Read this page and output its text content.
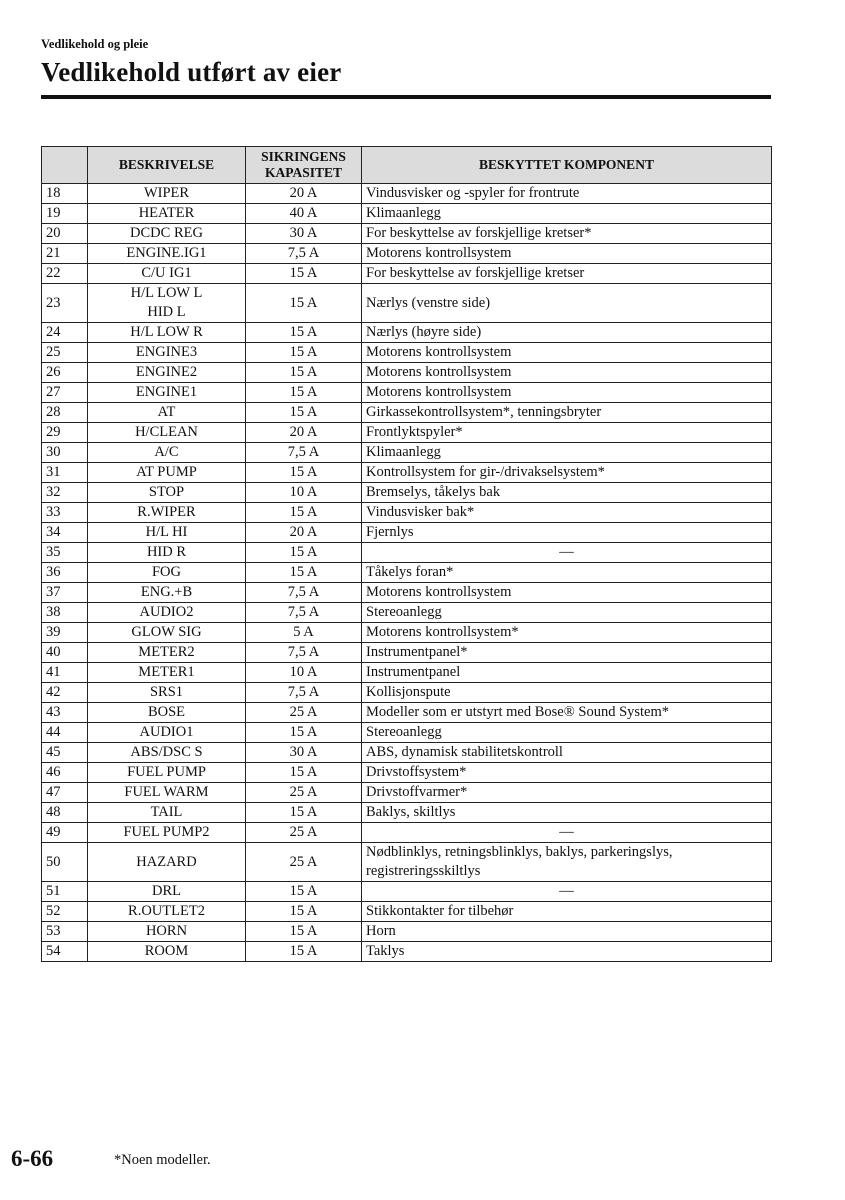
Vedlikehold og pleie
Vedlikehold utført av eier
	BESKRIVELSE	SIKRINGENS KAPASITET	BESKYTTET KOMPONENT
18	WIPER	20 A	Vindusvisker og -spyler for frontrute
19	HEATER	40 A	Klimaanlegg
20	DCDC REG	30 A	For beskyttelse av forskjellige kretser*
21	ENGINE.IG1	7,5 A	Motorens kontrollsystem
22	C/U IG1	15 A	For beskyttelse av forskjellige kretser
23	H/L LOW L
HID L	15 A	Nærlys (venstre side)
24	H/L LOW R	15 A	Nærlys (høyre side)
25	ENGINE3	15 A	Motorens kontrollsystem
26	ENGINE2	15 A	Motorens kontrollsystem
27	ENGINE1	15 A	Motorens kontrollsystem
28	AT	15 A	Girkassekontrollsystem*, tenningsbryter
29	H/CLEAN	20 A	Frontlyktspyler*
30	A/C	7,5 A	Klimaanlegg
31	AT PUMP	15 A	Kontrollsystem for gir-/drivakselsystem*
32	STOP	10 A	Bremselys, tåkelys bak
33	R.WIPER	15 A	Vindusvisker bak*
34	H/L HI	20 A	Fjernlys
35	HID R	15 A	—
36	FOG	15 A	Tåkelys foran*
37	ENG.+B	7,5 A	Motorens kontrollsystem
38	AUDIO2	7,5 A	Stereoanlegg
39	GLOW SIG	5 A	Motorens kontrollsystem*
40	METER2	7,5 A	Instrumentpanel*
41	METER1	10 A	Instrumentpanel
42	SRS1	7,5 A	Kollisjonspute
43	BOSE	25 A	Modeller som er utstyrt med Bose® Sound System*
44	AUDIO1	15 A	Stereoanlegg
45	ABS/DSC S	30 A	ABS, dynamisk stabilitetskontroll
46	FUEL PUMP	15 A	Drivstoffsystem*
47	FUEL WARM	25 A	Drivstoffvarmer*
48	TAIL	15 A	Baklys, skiltlys
49	FUEL PUMP2	25 A	—
50	HAZARD	25 A	Nødblinklys, retningsblinklys, baklys, parkeringslys,
registreringsskiltlys
51	DRL	15 A	—
52	R.OUTLET2	15 A	Stikkontakter for tilbehør
53	HORN	15 A	Horn
54	ROOM	15 A	Taklys
6-66	*Noen modeller.
